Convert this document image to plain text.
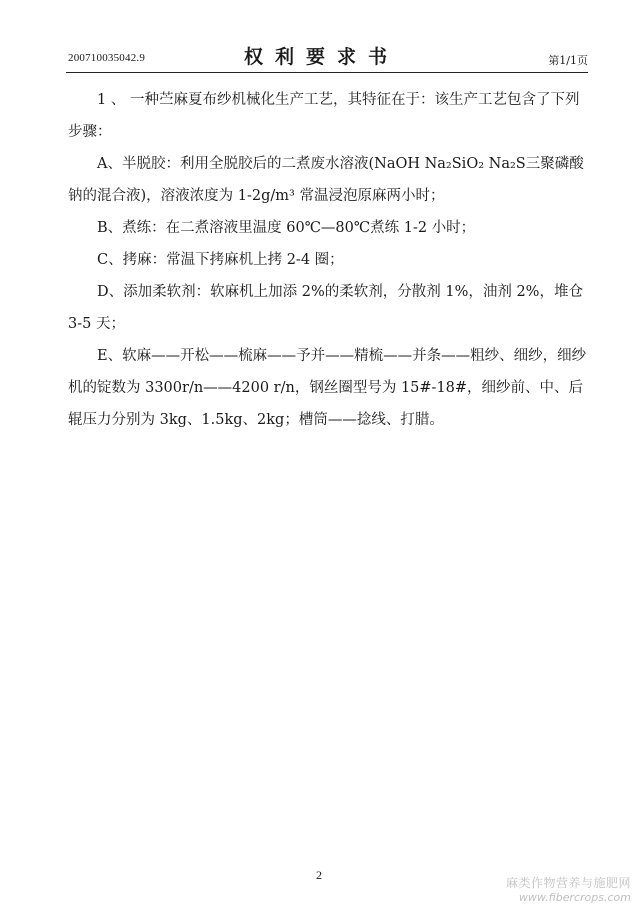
200710035042.9	权利要求书	第1/1页

1 、 一种苎麻夏布纱机械化生产工艺，其特征在于：该生产工艺包含了下列步骤：

A、半脱胶：利用全脱胶后的二煮废水溶液(NaOH Na₂SiO₂ Na₂S三聚磷酸钠的混合液)，溶液浓度为 1-2g/m³ 常温浸泡原麻两小时；

B、煮练：在二煮溶液里温度 60℃—80℃煮练 1-2 小时；

C、拷麻：常温下拷麻机上拷 2-4 圈；

D、添加柔软剂：软麻机上加添 2%的柔软剂，分散剂 1%，油剂 2%，堆仓 3-5 天；

E、软麻——开松——梳麻——予并——精梳——并条——粗纱、细纱，细纱机的锭数为 3300r/n——4200 r/n，钢丝圈型号为 15#-18#，细纱前、中、后辊压力分别为 3kg、1.5kg、2kg；槽筒——捻线、打腊。

2
麻类作物营养与施肥网
www.fibercrops.com
